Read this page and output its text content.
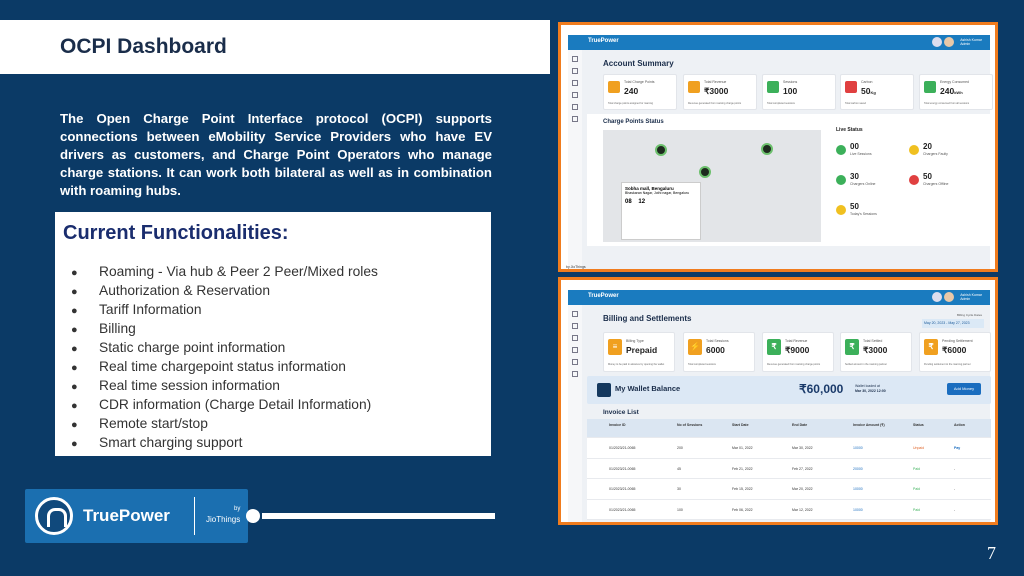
OCPI Dashboard

The Open Charge Point Interface protocol (OCPI) supports connections between eMobility Service Providers who have EV drivers as customers, and Charge Point Operators who manage charge stations. It can work both bilateral as well as in combination with roaming hubs.

Current Functionalities:
● Roaming - Via hub & Peer 2 Peer/Mixed roles
● Authorization & Reservation
● Tariff Information
● Billing
● Static charge point information
● Real time chargepoint status information
● Real time session information
● CDR information (Charge Detail Information)
● Remote start/stop
● Smart charging support
TruePower	by
JioThings
7
TruePower	Ashish Kumar
Admin
Account Summary
Total Charge Points
240
Total charge points assigned for roaming
Total Revenue
₹3000
Revenue generated from roaming charge points
Sessions
100
Total completed sessions
Carbon
50Kg
Total carbon saved
Energy Consumed
240kWh
Total energy consumed from all sessions
Charge Points Status
Sobha mall, Bengaluru
Bhaskaran Nagar, Jothi nagar, Bengaluru
08 12
Live Status
00
Live Sessions
20
Chargers Faulty
30
Chargers Online
50
Chargers Offline
50
Today's Sessions
by JioThings
TruePower	Ashish Kumar
Admin
Billing and Settlements	Billing Cycle Dates
May 20, 2023 - May 27, 2023
≡
Billing Type
Prepaid
Money to be paid in advance by opening the wallet
⚡
Total Sessions
6000
Total completed sessions
₹
Total Revenue
₹9000
Revenue generated from roaming charge points
₹
Total Settled
₹3000
Settled amount in the roaming partner
₹
Pending Settlement
₹6000
Pending settlement to the roaming partner
My Wallet Balance	₹60,000	Wallet loaded at
Mar 30, 2022 12:00	Add Money
Invoice List
Invoice ID	No of Sessions	Start Date	End Date	Invoice Amount (₹)	Status	Action
01/2023/21-0065	200	Mar 01, 2022	Mar 30, 2022	10000	Unpaid	Pay
01/2023/21-0065	45	Feb 21, 2022	Feb 27, 2022	20000	Paid	-
01/2023/21-0065	30	Feb 15, 2022	Mar 20, 2022	10000	Paid	-
01/2023/21-0065	100	Feb 06, 2022	Mar 12, 2022	10000	Paid	-
